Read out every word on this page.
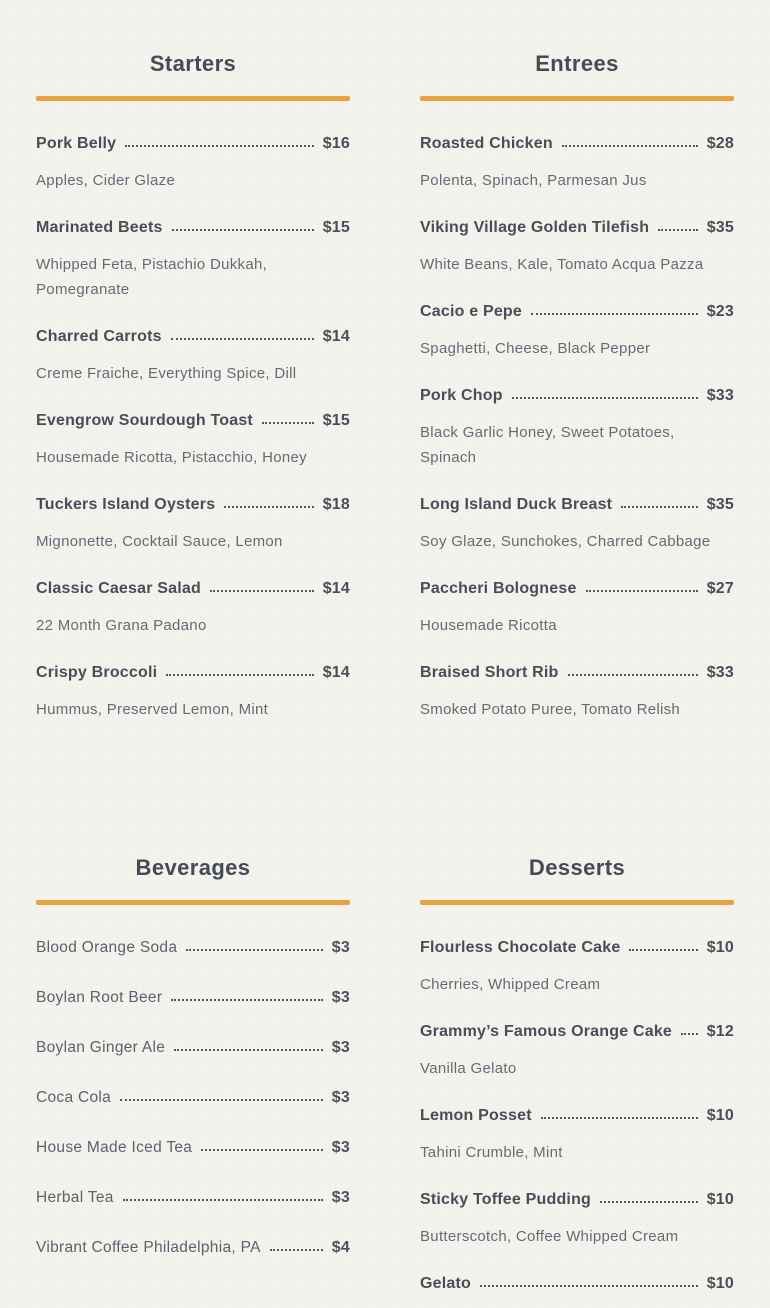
Starters
Pork Belly	$16
Apples, Cider Glaze
Marinated Beets	$15
Whipped Feta, Pistachio Dukkah, Pomegranate
Charred Carrots	$14
Creme Fraiche, Everything Spice, Dill
Evengrow Sourdough Toast	$15
Housemade Ricotta, Pistacchio, Honey
Tuckers Island Oysters	$18
Mignonette, Cocktail Sauce, Lemon
Classic Caesar Salad	$14
22 Month Grana Padano
Crispy Broccoli	$14
Hummus, Preserved Lemon, Mint
Entrees
Roasted Chicken	$28
Polenta, Spinach, Parmesan Jus
Viking Village Golden Tilefish	$35
White Beans, Kale, Tomato Acqua Pazza
Cacio e Pepe	$23
Spaghetti, Cheese, Black Pepper
Pork Chop	$33
Black Garlic Honey, Sweet Potatoes, Spinach
Long Island Duck Breast	$35
Soy Glaze, Sunchokes, Charred Cabbage
Paccheri Bolognese	$27
Housemade Ricotta
Braised Short Rib	$33
Smoked Potato Puree, Tomato Relish
Beverages
Blood Orange Soda	$3
Boylan Root Beer	$3
Boylan Ginger Ale	$3
Coca Cola	$3
House Made Iced Tea	$3
Herbal Tea	$3
Vibrant Coffee Philadelphia, PA	$4
Desserts
Flourless Chocolate Cake	$10
Cherries, Whipped Cream
Grammy’s Famous Orange Cake $12
Vanilla Gelato
Lemon Posset	$10
Tahini Crumble, Mint
Sticky Toffee Pudding	$10
Butterscotch, Coffee Whipped Cream
Gelato	$10
